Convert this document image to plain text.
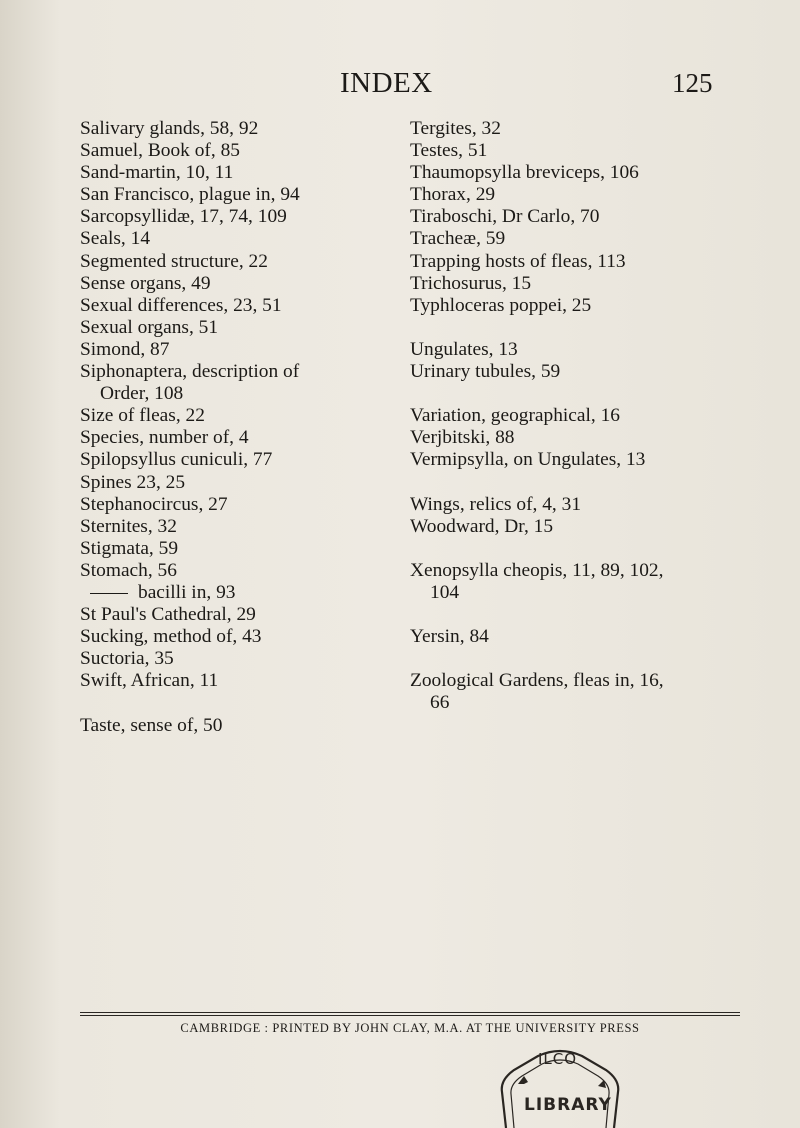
INDEX	125
Salivary glands, 58, 92
Samuel, Book of, 85
Sand-martin, 10, 11
San Francisco, plague in, 94
Sarcopsyllidæ, 17, 74, 109
Seals, 14
Segmented structure, 22
Sense organs, 49
Sexual differences, 23, 51
Sexual organs, 51
Simond, 87
Siphonaptera, description of
Order, 108
Size of fleas, 22
Species, number of, 4
Spilopsyllus cuniculi, 77
Spines 23, 25
Stephanocircus, 27
Sternites, 32
Stigmata, 59
Stomach, 56
bacilli in, 93
St Paul's Cathedral, 29
Sucking, method of, 43
Suctoria, 35
Swift, African, 11
Taste, sense of, 50
Tergites, 32
Testes, 51
Thaumopsylla breviceps, 106
Thorax, 29
Tiraboschi, Dr Carlo, 70
Tracheæ, 59
Trapping hosts of fleas, 113
Trichosurus, 15
Typhloceras poppei, 25
Ungulates, 13
Urinary tubules, 59
Variation, geographical, 16
Verjbitski, 88
Vermipsylla, on Ungulates, 13
Wings, relics of, 4, 31
Woodward, Dr, 15
Xenopsylla cheopis, 11, 89, 102,
104
Yersin, 84
Zoological Gardens, fleas in, 16,
66
CAMBRIDGE : PRINTED BY JOHN CLAY, M.A. AT THE UNIVERSITY PRESS
ILCO
LIBRARY
